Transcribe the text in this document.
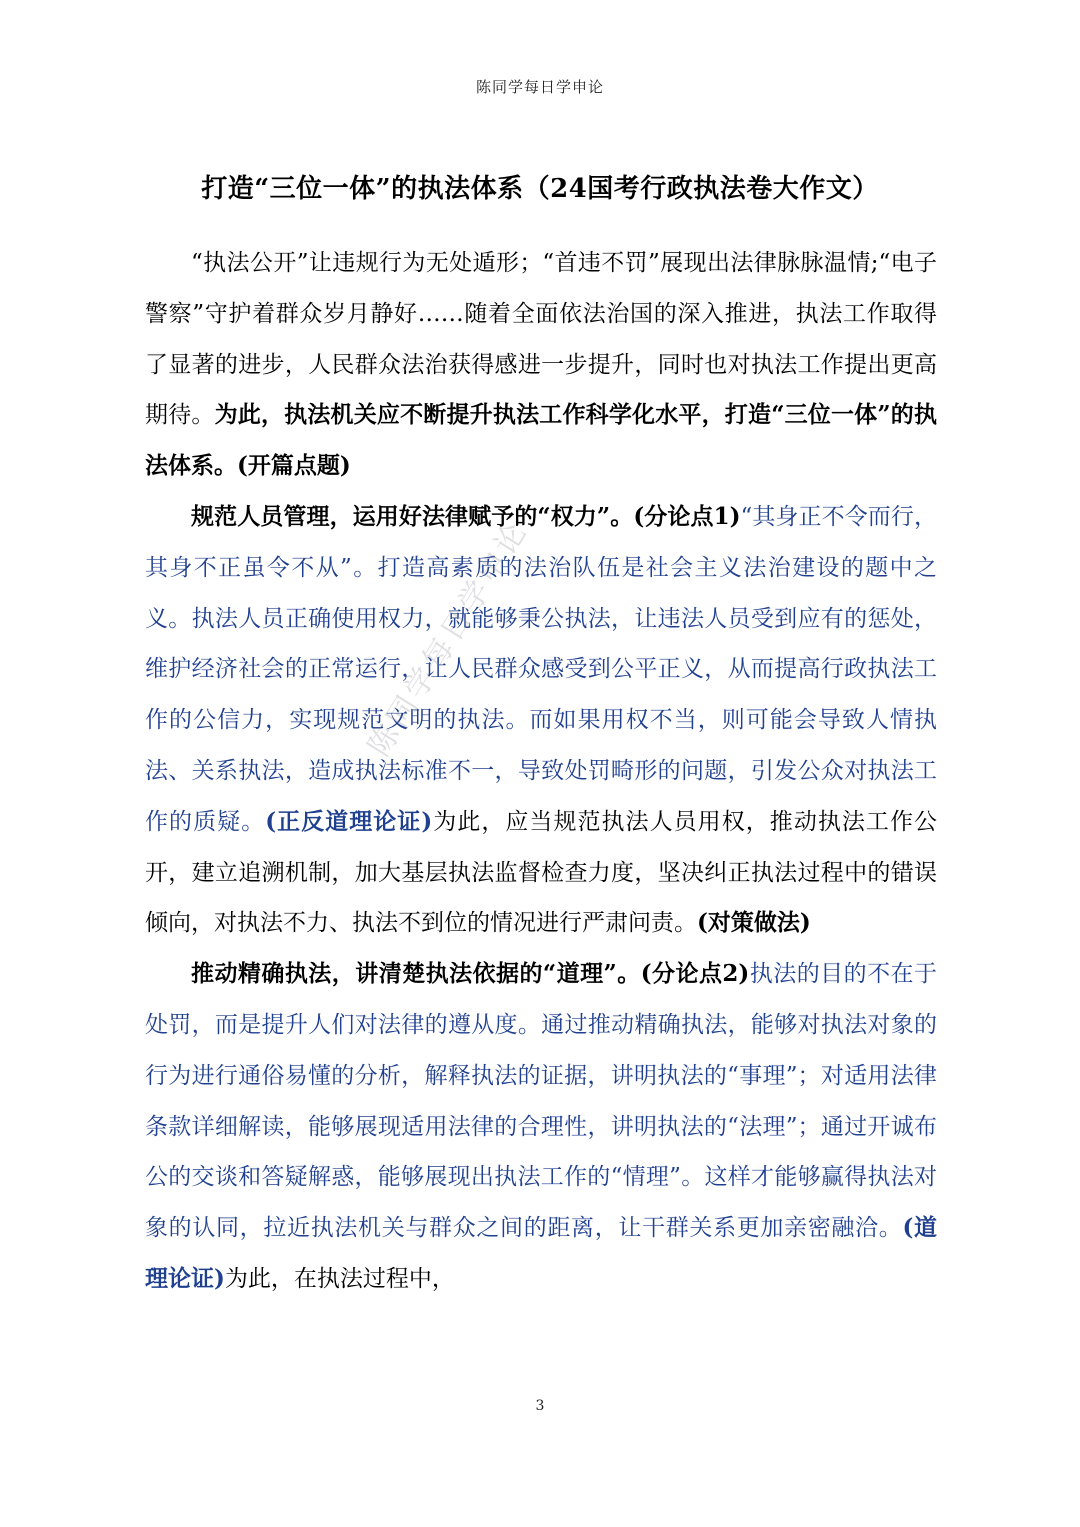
陈同学每日学申论
打造“三位一体”的执法体系（24国考行政执法卷大作文）

“执法公开”让违规行为无处遁形；“首违不罚”展现出法律脉脉温情;“电子警察”守护着群众岁月静好……随着全面依法治国的深入推进，执法工作取得了显著的进步，人民群众法治获得感进一步提升，同时也对执法工作提出更高期待。为此，执法机关应不断提升执法工作科学化水平，打造“三位一体”的执法体系。(开篇点题)

规范人员管理，运用好法律赋予的“权力”。(分论点1)“其身正不令而行，其身不正虽令不从”。打造高素质的法治队伍是社会主义法治建设的题中之义。执法人员正确使用权力，就能够秉公执法，让违法人员受到应有的惩处，维护经济社会的正常运行，让人民群众感受到公平正义，从而提高行政执法工作的公信力，实现规范文明的执法。而如果用权不当，则可能会导致人情执法、关系执法，造成执法标准不一，导致处罚畸形的问题，引发公众对执法工作的质疑。(正反道理论证)为此，应当规范执法人员用权，推动执法工作公开，建立追溯机制，加大基层执法监督检查力度，坚决纠正执法过程中的错误倾向，对执法不力、执法不到位的情况进行严肃问责。(对策做法)

推动精确执法，讲清楚执法依据的“道理”。(分论点2)执法的目的不在于处罚，而是提升人们对法律的遵从度。通过推动精确执法，能够对执法对象的行为进行通俗易懂的分析，解释执法的证据，讲明执法的“事理”；对适用法律条款详细解读，能够展现适用法律的合理性，讲明执法的“法理”；通过开诚布公的交谈和答疑解惑，能够展现出执法工作的“情理”。这样才能够赢得执法对象的认同，拉近执法机关与群众之间的距离，让干群关系更加亲密融洽。(道理论证)为此，在执法过程中，

陈同学每日学申论
3
